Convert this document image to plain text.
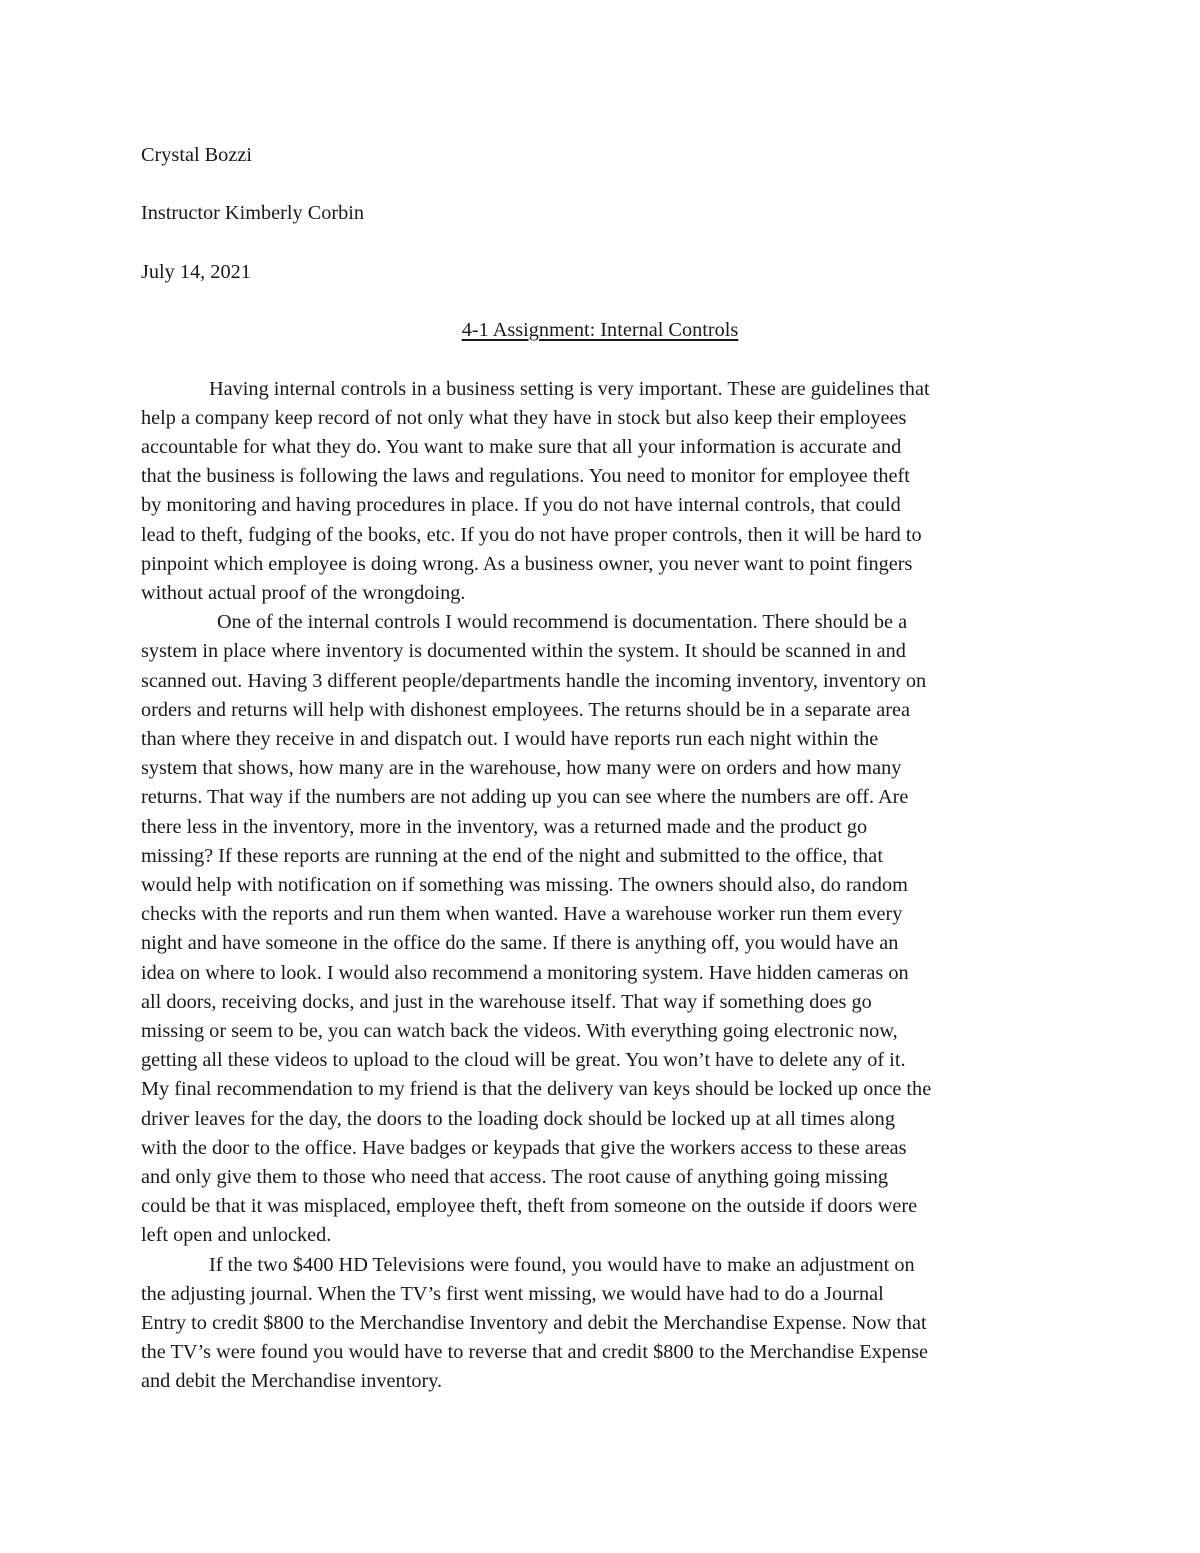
Crystal Bozzi
Instructor Kimberly Corbin
July 14, 2021
4-1 Assignment: Internal Controls
Having internal controls in a business setting is very important. These are guidelines that
help a company keep record of not only what they have in stock but also keep their employees
accountable for what they do. You want to make sure that all your information is accurate and
that the business is following the laws and regulations. You need to monitor for employee theft
by monitoring and having procedures in place. If you do not have internal controls, that could
lead to theft, fudging of the books, etc. If you do not have proper controls, then it will be hard to
pinpoint which employee is doing wrong. As a business owner, you never want to point fingers
without actual proof of the wrongdoing.
One of the internal controls I would recommend is documentation. There should be a
system in place where inventory is documented within the system. It should be scanned in and
scanned out. Having 3 different people/departments handle the incoming inventory, inventory on
orders and returns will help with dishonest employees. The returns should be in a separate area
than where they receive in and dispatch out. I would have reports run each night within the
system that shows, how many are in the warehouse, how many were on orders and how many
returns. That way if the numbers are not adding up you can see where the numbers are off. Are
there less in the inventory, more in the inventory, was a returned made and the product go
missing? If these reports are running at the end of the night and submitted to the office, that
would help with notification on if something was missing. The owners should also, do random
checks with the reports and run them when wanted. Have a warehouse worker run them every
night and have someone in the office do the same. If there is anything off, you would have an
idea on where to look. I would also recommend a monitoring system. Have hidden cameras on
all doors, receiving docks, and just in the warehouse itself. That way if something does go
missing or seem to be, you can watch back the videos. With everything going electronic now,
getting all these videos to upload to the cloud will be great. You won’t have to delete any of it.
My final recommendation to my friend is that the delivery van keys should be locked up once the
driver leaves for the day, the doors to the loading dock should be locked up at all times along
with the door to the office. Have badges or keypads that give the workers access to these areas
and only give them to those who need that access. The root cause of anything going missing
could be that it was misplaced, employee theft, theft from someone on the outside if doors were
left open and unlocked.
If the two $400 HD Televisions were found, you would have to make an adjustment on
the adjusting journal. When the TV’s first went missing, we would have had to do a Journal
Entry to credit $800 to the Merchandise Inventory and debit the Merchandise Expense. Now that
the TV’s were found you would have to reverse that and credit $800 to the Merchandise Expense
and debit the Merchandise inventory.
